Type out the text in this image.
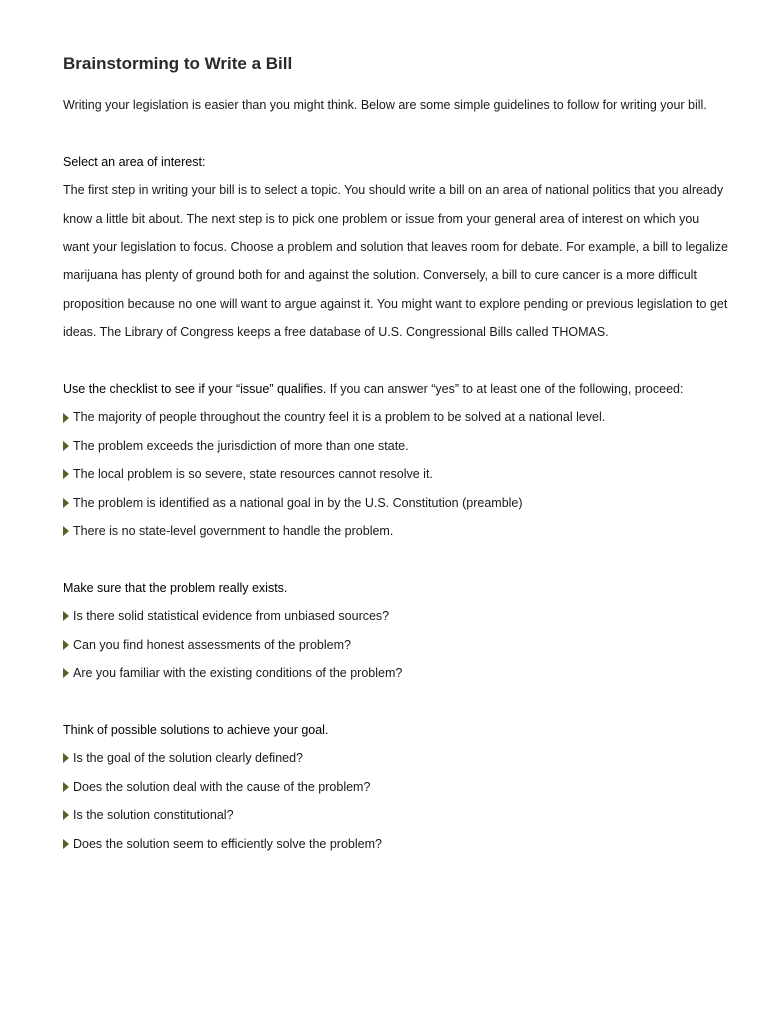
Brainstorming to Write a Bill

Writing your legislation is easier than you might think. Below are some simple guidelines to follow for writing your bill.

Select an area of interest:

The first step in writing your bill is to select a topic. You should write a bill on an area of national politics that you already know a little bit about. The next step is to pick one problem or issue from your general area of interest on which you want your legislation to focus. Choose a problem and solution that leaves room for debate. For example, a bill to legalize marijuana has plenty of ground both for and against the solution. Conversely, a bill to cure cancer is a more difficult proposition because no one will want to argue against it. You might want to explore pending or previous legislation to get ideas. The Library of Congress keeps a free database of U.S. Congressional Bills called THOMAS.

Use the checklist to see if your “issue” qualifies. If you can answer “yes” to at least one of the following, proceed:

The majority of people throughout the country feel it is a problem to be solved at a national level.
The problem exceeds the jurisdiction of more than one state.
The local problem is so severe, state resources cannot resolve it.
The problem is identified as a national goal in by the U.S. Constitution (preamble)
There is no state-level government to handle the problem.

Make sure that the problem really exists.

Is there solid statistical evidence from unbiased sources?
Can you find honest assessments of the problem?
Are you familiar with the existing conditions of the problem?

Think of possible solutions to achieve your goal.

Is the goal of the solution clearly defined?
Does the solution deal with the cause of the problem?
Is the solution constitutional?
Does the solution seem to efficiently solve the problem?
